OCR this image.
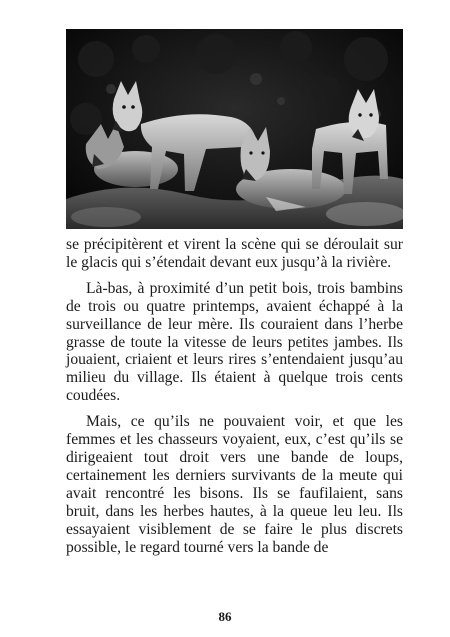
se précipitèrent et virent la scène qui se déroulait sur le glacis qui s’étendait devant eux jusqu’à la rivière.

Là-bas, à proximité d’un petit bois, trois bambins de trois ou quatre printemps, avaient échappé à la surveillance de leur mère. Ils couraient dans l’herbe grasse de toute la vitesse de leurs petites jambes. Ils jouaient, criaient et leurs rires s’entendaient jusqu’au milieu du village. Ils étaient à quelque trois cents coudées.

Mais, ce qu’ils ne pouvaient voir, et que les femmes et les chasseurs voyaient, eux, c’est qu’ils se dirigeaient tout droit vers une bande de loups, certainement les derniers survivants de la meute qui avait rencontré les bisons. Ils se faufilaient, sans bruit, dans les herbes hautes, à la queue leu leu. Ils essayaient visiblement de se faire le plus discrets possible, le regard tourné vers la bande de

86
